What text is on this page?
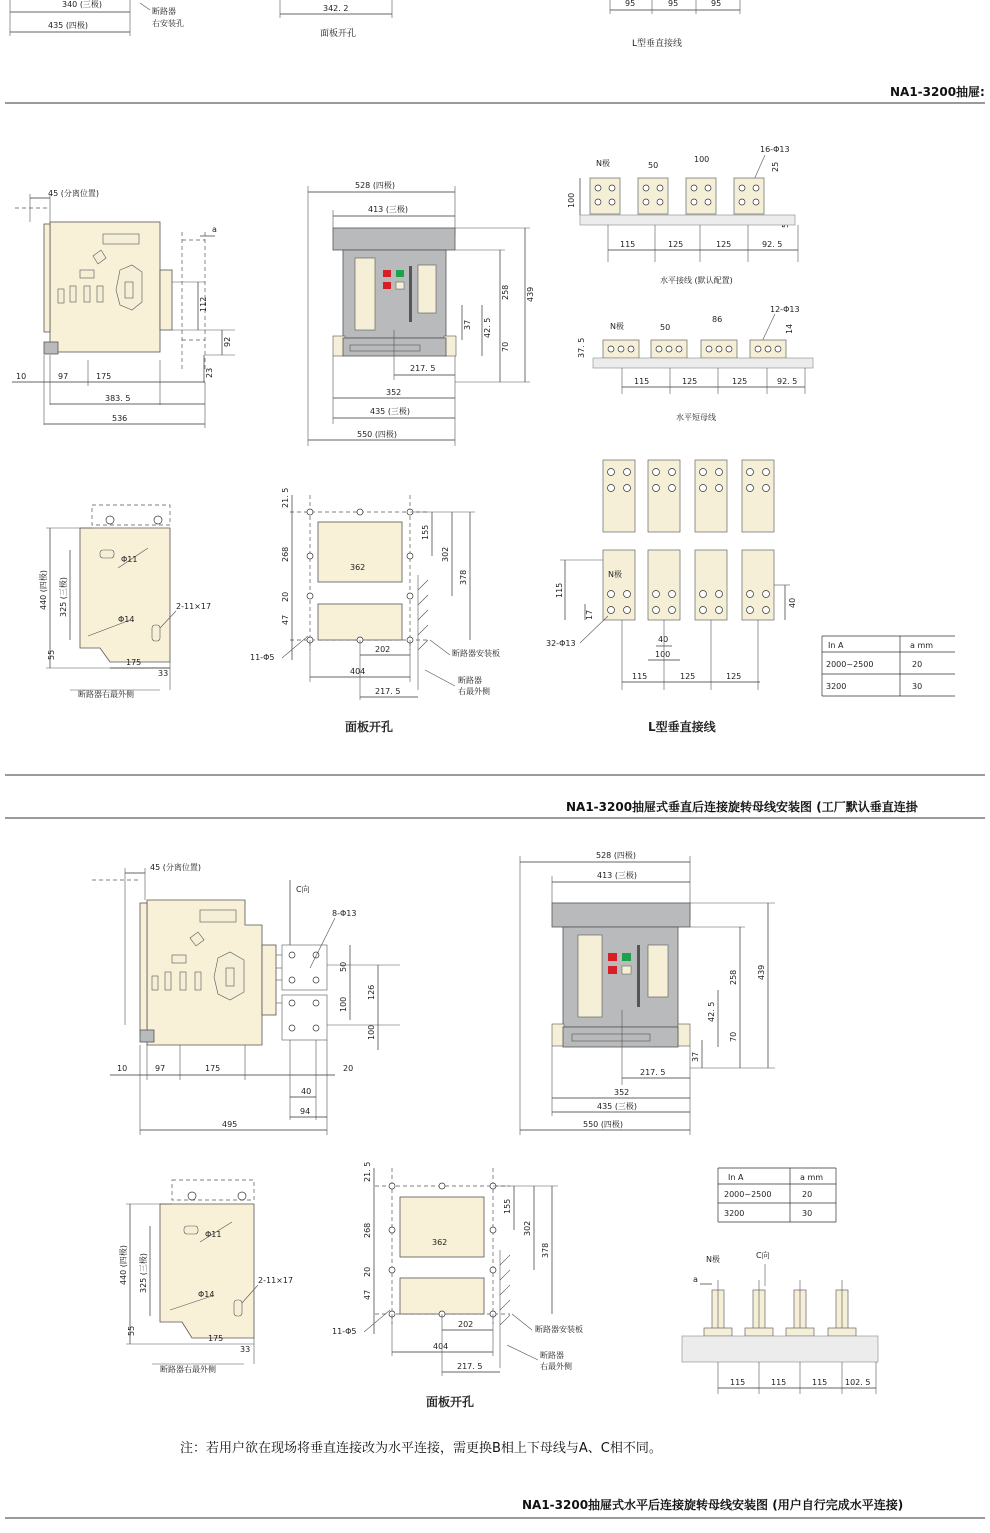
340 (三极)
435 (四极)
断路器
右安装孔
342. 2
面板开孔
95	95	95
L型垂直接线
NA1-3200抽屉:
45 (分离位置)
a
112
92
23
10	97	175
383. 5
536
528 (四极)
413 (三极)
258 439
37 42. 5
70
217. 5
352
435 (三极)
550 (四极)
N极	50
100
16-Φ13
25
100
115	125	125	92. 5
水平接线 (默认配置)
N极	50
86
12-Φ13
14
37. 5
115	125	125	92. 5
水平短母线
Φ11
Φ14
2-11×17
440 (四极) 325 (三极)
55
175
33
断路器右最外侧
362
21. 5
268
20
47
155
302
378
11-Φ5
202
404
217. 5
断路器安装板
断路器
右最外侧
面板开孔
N极
115
17
40
32-Φ13	40
100
115	125	125
L型垂直接线
In A	a mm
2000~2500	20
3200	30
NA1-3200抽屉式垂直后连接旋转母线安装图 (工厂默认垂直连掛
45 (分离位置)
C向
8-Φ13
50
126
100
100
10	97	175	20
40
94
495
528 (四极)
413 (三极)
258 439
42. 5
70
37
217. 5
352
435 (三极)
550 (四极)
Φ11
Φ14
2-11×17
440 (四极) 325 (三极)
55
175
33
断路器右最外侧
362
21. 5
268
20
47
155
302
378
11-Φ5
202
404
217. 5
断路器安装板
断路器
右最外侧
面板开孔
In A	a mm
2000~2500	20
3200	30
N极	C向
a
115	115	115 102. 5
注：若用户欲在现场将垂直连接改为水平连接，需更换B相上下母线与A、C相不同。
NA1-3200抽屉式水平后连接旋转母线安装图 (用户自行完成水平连接)
